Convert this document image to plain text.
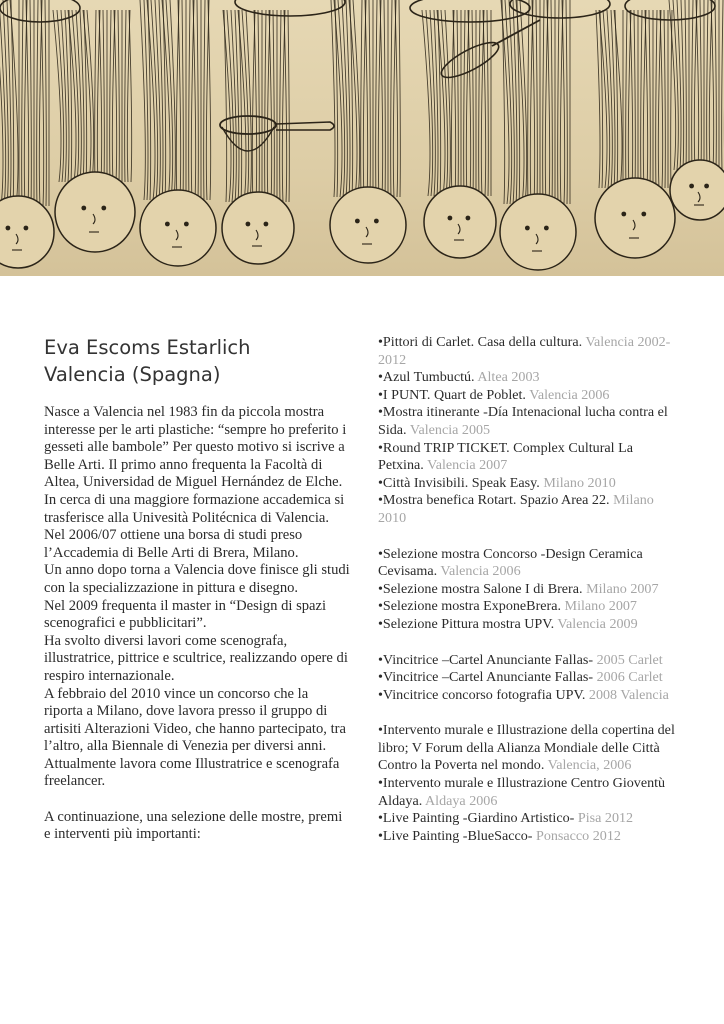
Eva Escoms Estarlich
Valencia (Spagna)

Nasce a Valencia nel 1983 fin da piccola mostra interesse per le arti plastiche: “sempre ho preferito i gesseti alle bambole” Per questo motivo si iscrive a Belle Arti. Il primo anno frequenta la Facoltà di Altea, Universidad de Miguel Hernández de Elche. In cerca di una maggiore formazione accademica si trasferisce alla Univesità Politécnica di Valencia.

Nel 2006/07 ottiene una borsa di studi preso l’Accademia di Belle Arti di Brera, Milano.

Un anno dopo torna a Valencia dove finisce gli studi con la specializzazione in pittura e disegno.

Nel 2009 frequenta il master in “Design di spazi scenografici e pubblicitari”.

Ha svolto diversi lavori come scenografa, illustratrice, pittrice e scultrice, realizzando opere di respiro internazionale.

A febbraio del 2010 vince un concorso che la riporta a Milano, dove lavora presso il gruppo di artisiti Alterazioni Video, che hanno partecipato, tra l’altro, alla Biennale di Venezia per diversi anni.

Attualmente lavora come Illustratrice e scenografa freelancer.

A continuazione, una selezione delle mostre, premi e interventi più importanti:

•Pittori di Carlet. Casa della cultura. Valencia 2002-2012

•Azul Tumbuctú. Altea 2003

•I PUNT. Quart de Poblet. Valencia 2006

•Mostra itinerante -Día Intenacional lucha contra el Sida. Valencia 2005

•Round TRIP TICKET. Complex Cultural La Petxina. Valencia 2007

•Città Invisibili. Speak Easy. Milano 2010

•Mostra benefica Rotart. Spazio Area 22. Milano 2010

•Selezione mostra Concorso -Design Ceramica Cevisama. Valencia 2006

•Selezione mostra Salone I di Brera. Milano 2007

•Selezione mostra ExponeBrera. Milano 2007

•Selezione Pittura mostra UPV. Valencia 2009

•Vincitrice –Cartel Anunciante Fallas- 2005 Carlet

•Vincitrice –Cartel Anunciante Fallas- 2006 Carlet

•Vincitrice concorso fotografia UPV. 2008 Valencia

•Intervento murale e Illustrazione della copertina del libro; V Forum della Alianza Mondiale delle Città Contro la Poverta nel mondo. Valencia, 2006

•Intervento murale e Illustrazione Centro Gioventù Aldaya. Aldaya 2006

•Live Painting -Giardino Artistico- Pisa 2012

•Live Painting -BlueSacco- Ponsacco 2012
